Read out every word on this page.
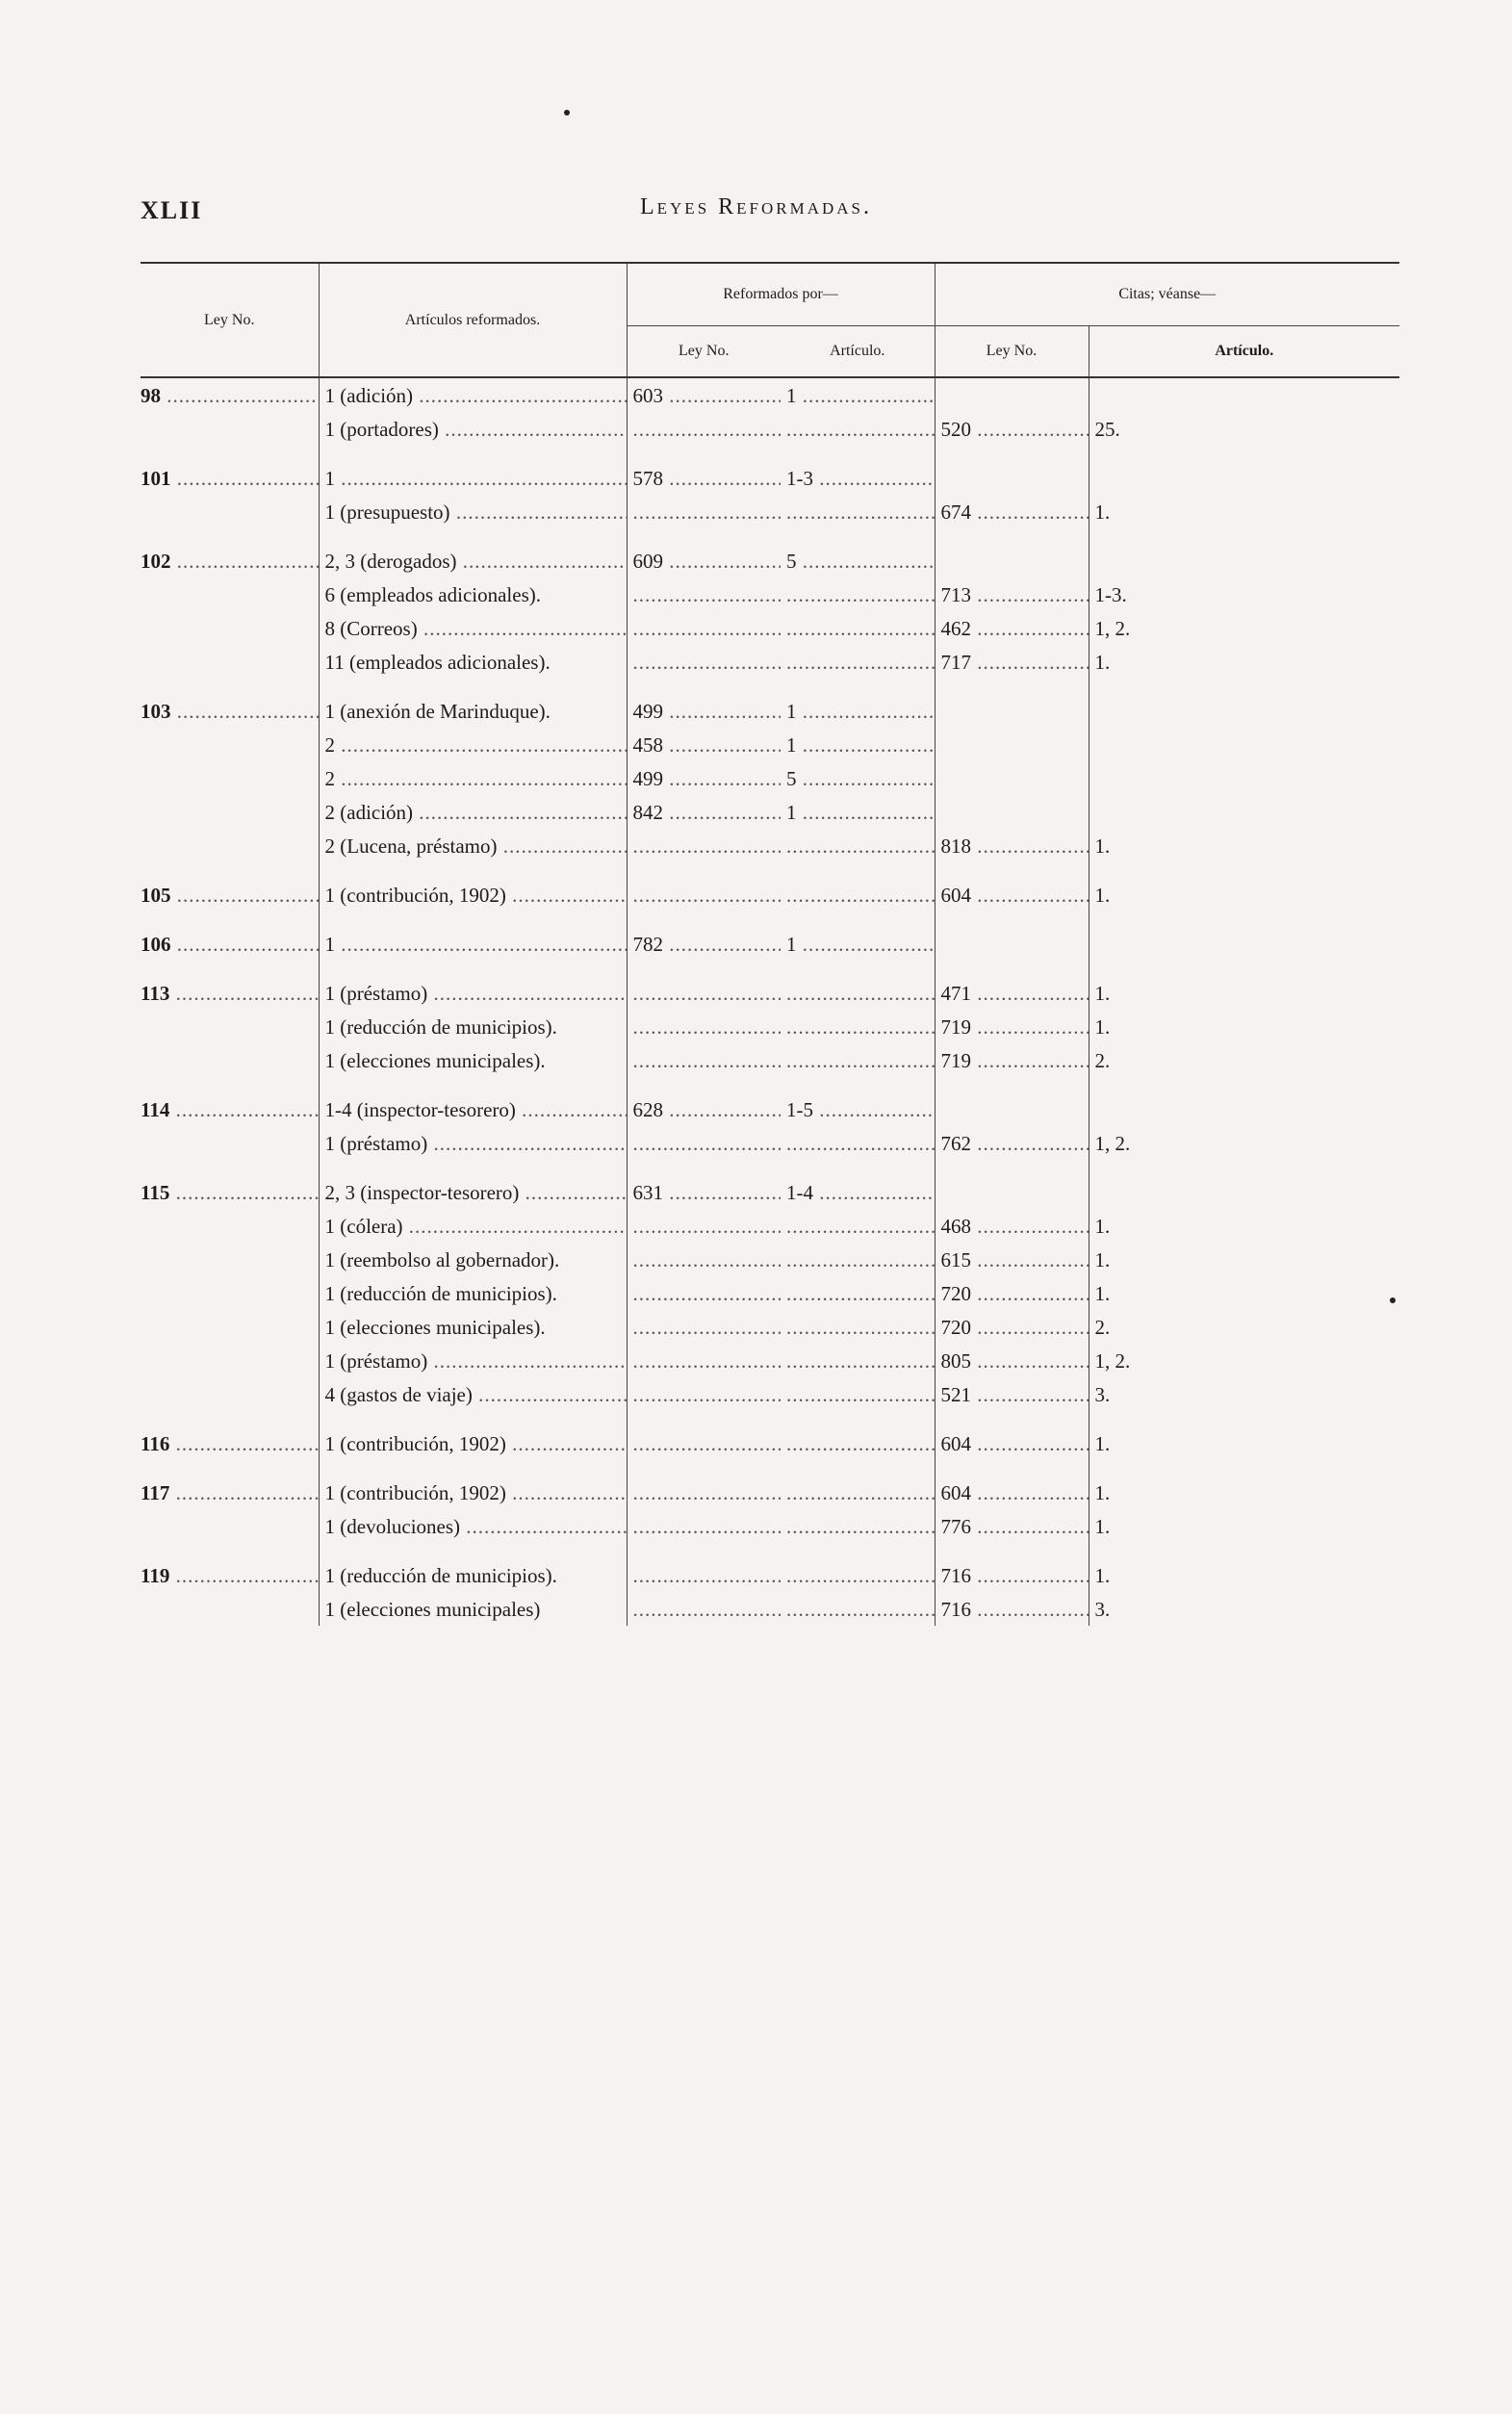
XLII	Leyes Reformadas.
Ley No.	Artículos reformados.	Reformados por—		Citas; véanse—	
		Ley No.	Artículo.	Ley No.	Artículo.
98 .....	1 (adición) .....	603 .....	1 .....		
	1 (portadores) .....	.....	.....	520 .....	25.
101 .....	1 .....	578 .....	1-3 .....		
	1 (presupuesto) .....	.....	.....	674 .....	1.
102 .....	2, 3 (derogados) .....	609 .....	5 .....		
	6 (empleados adicionales).	.....	.....	713 .....	1-3.
	8 (Correos) .....	.....	.....	462 .....	1, 2.
	11 (empleados adicionales).	.....	.....	717 .....	1.
103 .....	1 (anexión de Marinduque).	499 .....	1 .....		
	2 .....	458 .....	1 .....		
	2 .....	499 .....	5 .....		
	2 (adición) .....	842 .....	1 .....		
	2 (Lucena, préstamo) .....	.....	.....	818 .....	1.
105 .....	1 (contribución, 1902) .....	.....	.....	604 .....	1.
106 .....	1 .....	782 .....	1 .....		
113 .....	1 (préstamo) .....	.....	.....	471 .....	1.
	1 (reducción de municipios).	.....	.....	719 .....	1.
	1 (elecciones municipales).	.....	.....	719 .....	2.
114 .....	1-4 (inspector-tesorero) .....	628 .....	1-5 .....		
	1 (préstamo) .....	.....	.....	762 .....	1, 2.
115 .....	2, 3 (inspector-tesorero) .....	631 .....	1-4 .....		
	1 (cólera) .....	.....	.....	468 .....	1.
	1 (reembolso al gobernador).	.....	.....	615 .....	1.
	1 (reducción de municipios).	.....	.....	720 .....	1.
	1 (elecciones municipales).	.....	.....	720 .....	2.
	1 (préstamo) .....	.....	.....	805 .....	1, 2.
	4 (gastos de viaje) .....	.....	.....	521 .....	3.
116 .....	1 (contribución, 1902) .....	.....	.....	604 .....	1.
117 .....	1 (contribución, 1902) .....	.....	.....	604 .....	1.
	1 (devoluciones) .....	.....	.....	776 .....	1.
119 .....	1 (reducción de municipios).	.....	.....	716 .....	1.
	1 (elecciones municipales)	.....	.....	716 .....	3.
